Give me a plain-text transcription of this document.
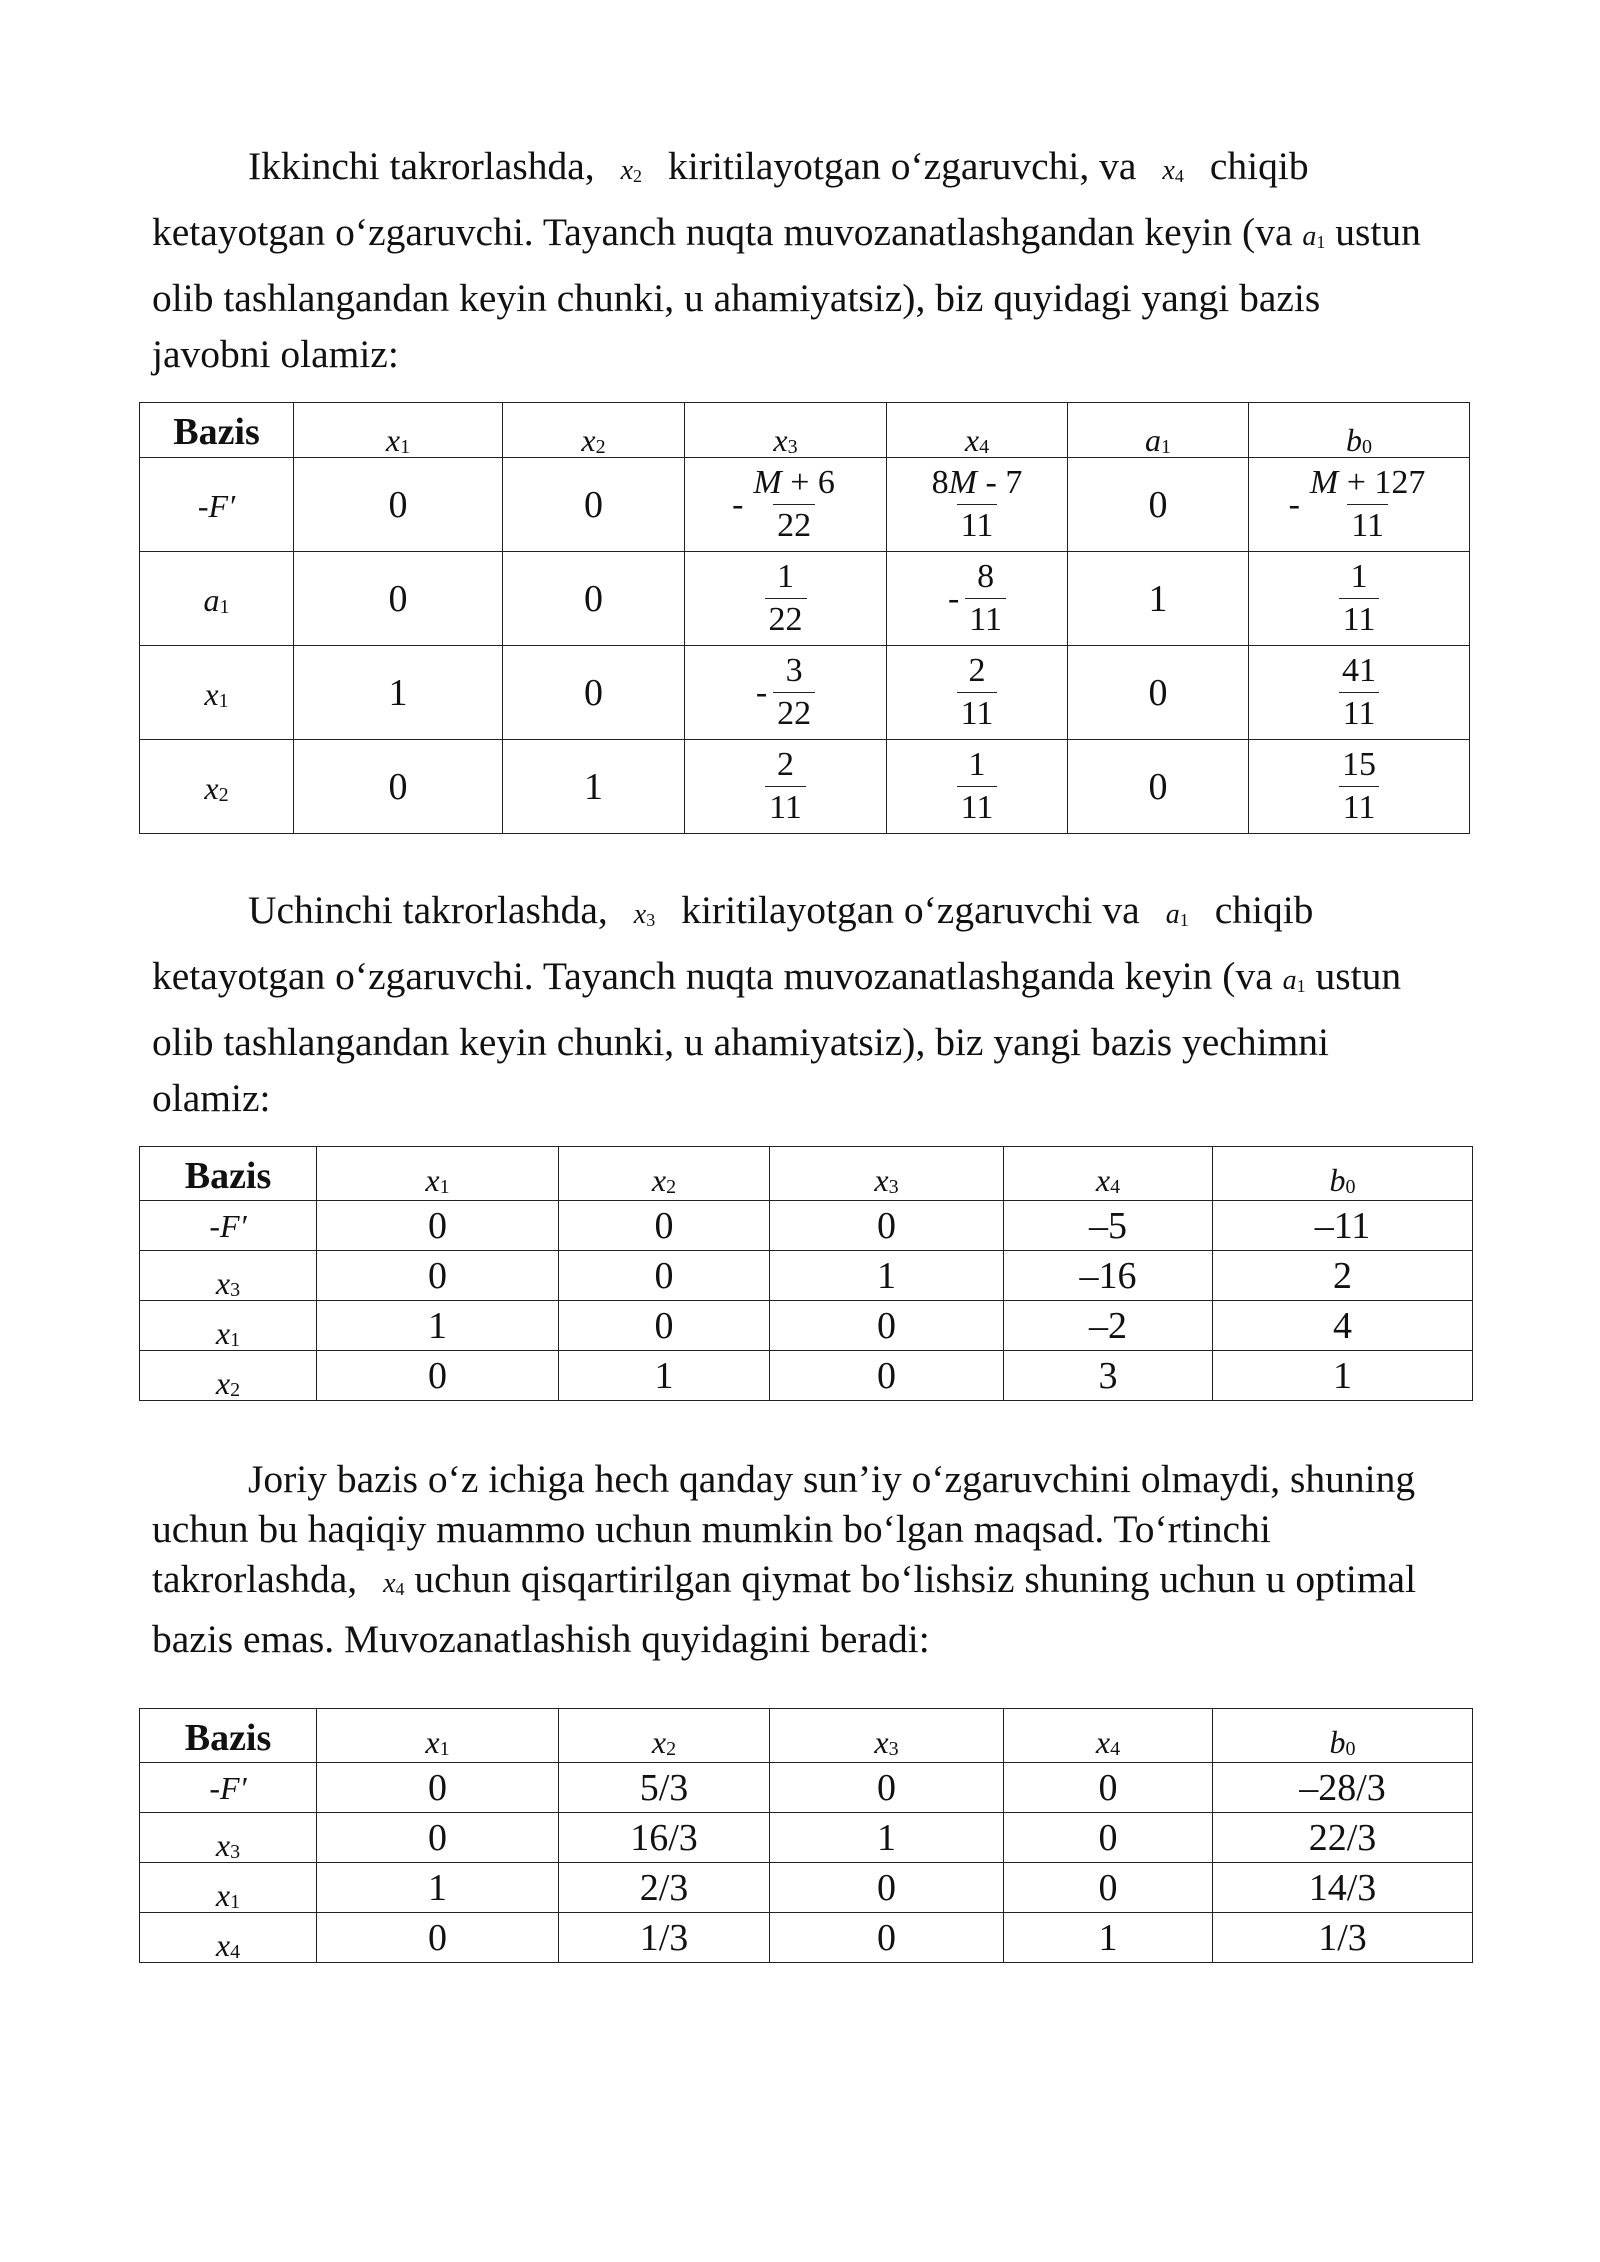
Ikkinchi takrorlashda, $x_2$ kiritilayotgan o‘zgaruvchi, va $x_4$ chiqib ketayotgan o‘zgaruvchi. Tayanch nuqta muvozanatlashgandan keyin (va $a_1$ ustun olib tashlangandan keyin chunki, u ahamiyatsiz), biz quyidagi yangi bazis javobni olamiz:

Bazis	$x_1$	$x_2$	$x_3$	$x_4$	$a_1$	$b_0$
-F′	0	0	- $\frac{M + 6}{22}$	$\frac{8M - 7}{11}$	0	- $\frac{M + 127}{11}$

$a_1$	0	0	$\frac{1}{22}$	- $\frac{8}{11}$	1	$\frac{1}{11}$

$x_1$	1	0	- $\frac{3}{22}$	$\frac{2}{11}$	0	$\frac{41}{11}$

$x_2$	0	1	$\frac{2}{11}$	$\frac{1}{11}$	0	$\frac{15}{11}$

Uchinchi takrorlashda, $x_3$ kiritilayotgan o‘zgaruvchi va $a_1$ chiqib ketayotgan o‘zgaruvchi. Tayanch nuqta muvozanatlashganda keyin (va $a_1$ ustun olib tashlangandan keyin chunki, u ahamiyatsiz), biz yangi bazis yechimni olamiz:

Bazis	$x_1$	$x_2$	$x_3$	$x_4$	$b_0$
-F′	0	0	0	–5	–11
$_{x_3}$	0	0	1	–16	2
$_{x_1}$	1	0	0	–2	4
$_{x_2}$	0	1	0	3	1

Joriy bazis o‘z ichiga hech qanday sun’iy o‘zgaruvchini olmaydi, shuning uchun bu haqiqiy muammo uchun mumkin bo‘lgan maqsad. To‘rtinchi takrorlashda, $x_4$ uchun qisqartirilgan qiymat bo‘lishsiz shuning uchun u optimal bazis emas. Muvozanatlashish quyidagini beradi:

Bazis	$x_1$	$x_2$	$x_3$	$x_4$	$b_0$
-F′	0	5/3	0	0	–28/3
$_{x_3}$	0	16/3	1	0	22/3
$_{x_1}$	1	2/3	0	0	14/3
$_{x_4}$	0	1/3	0	1	1/3
